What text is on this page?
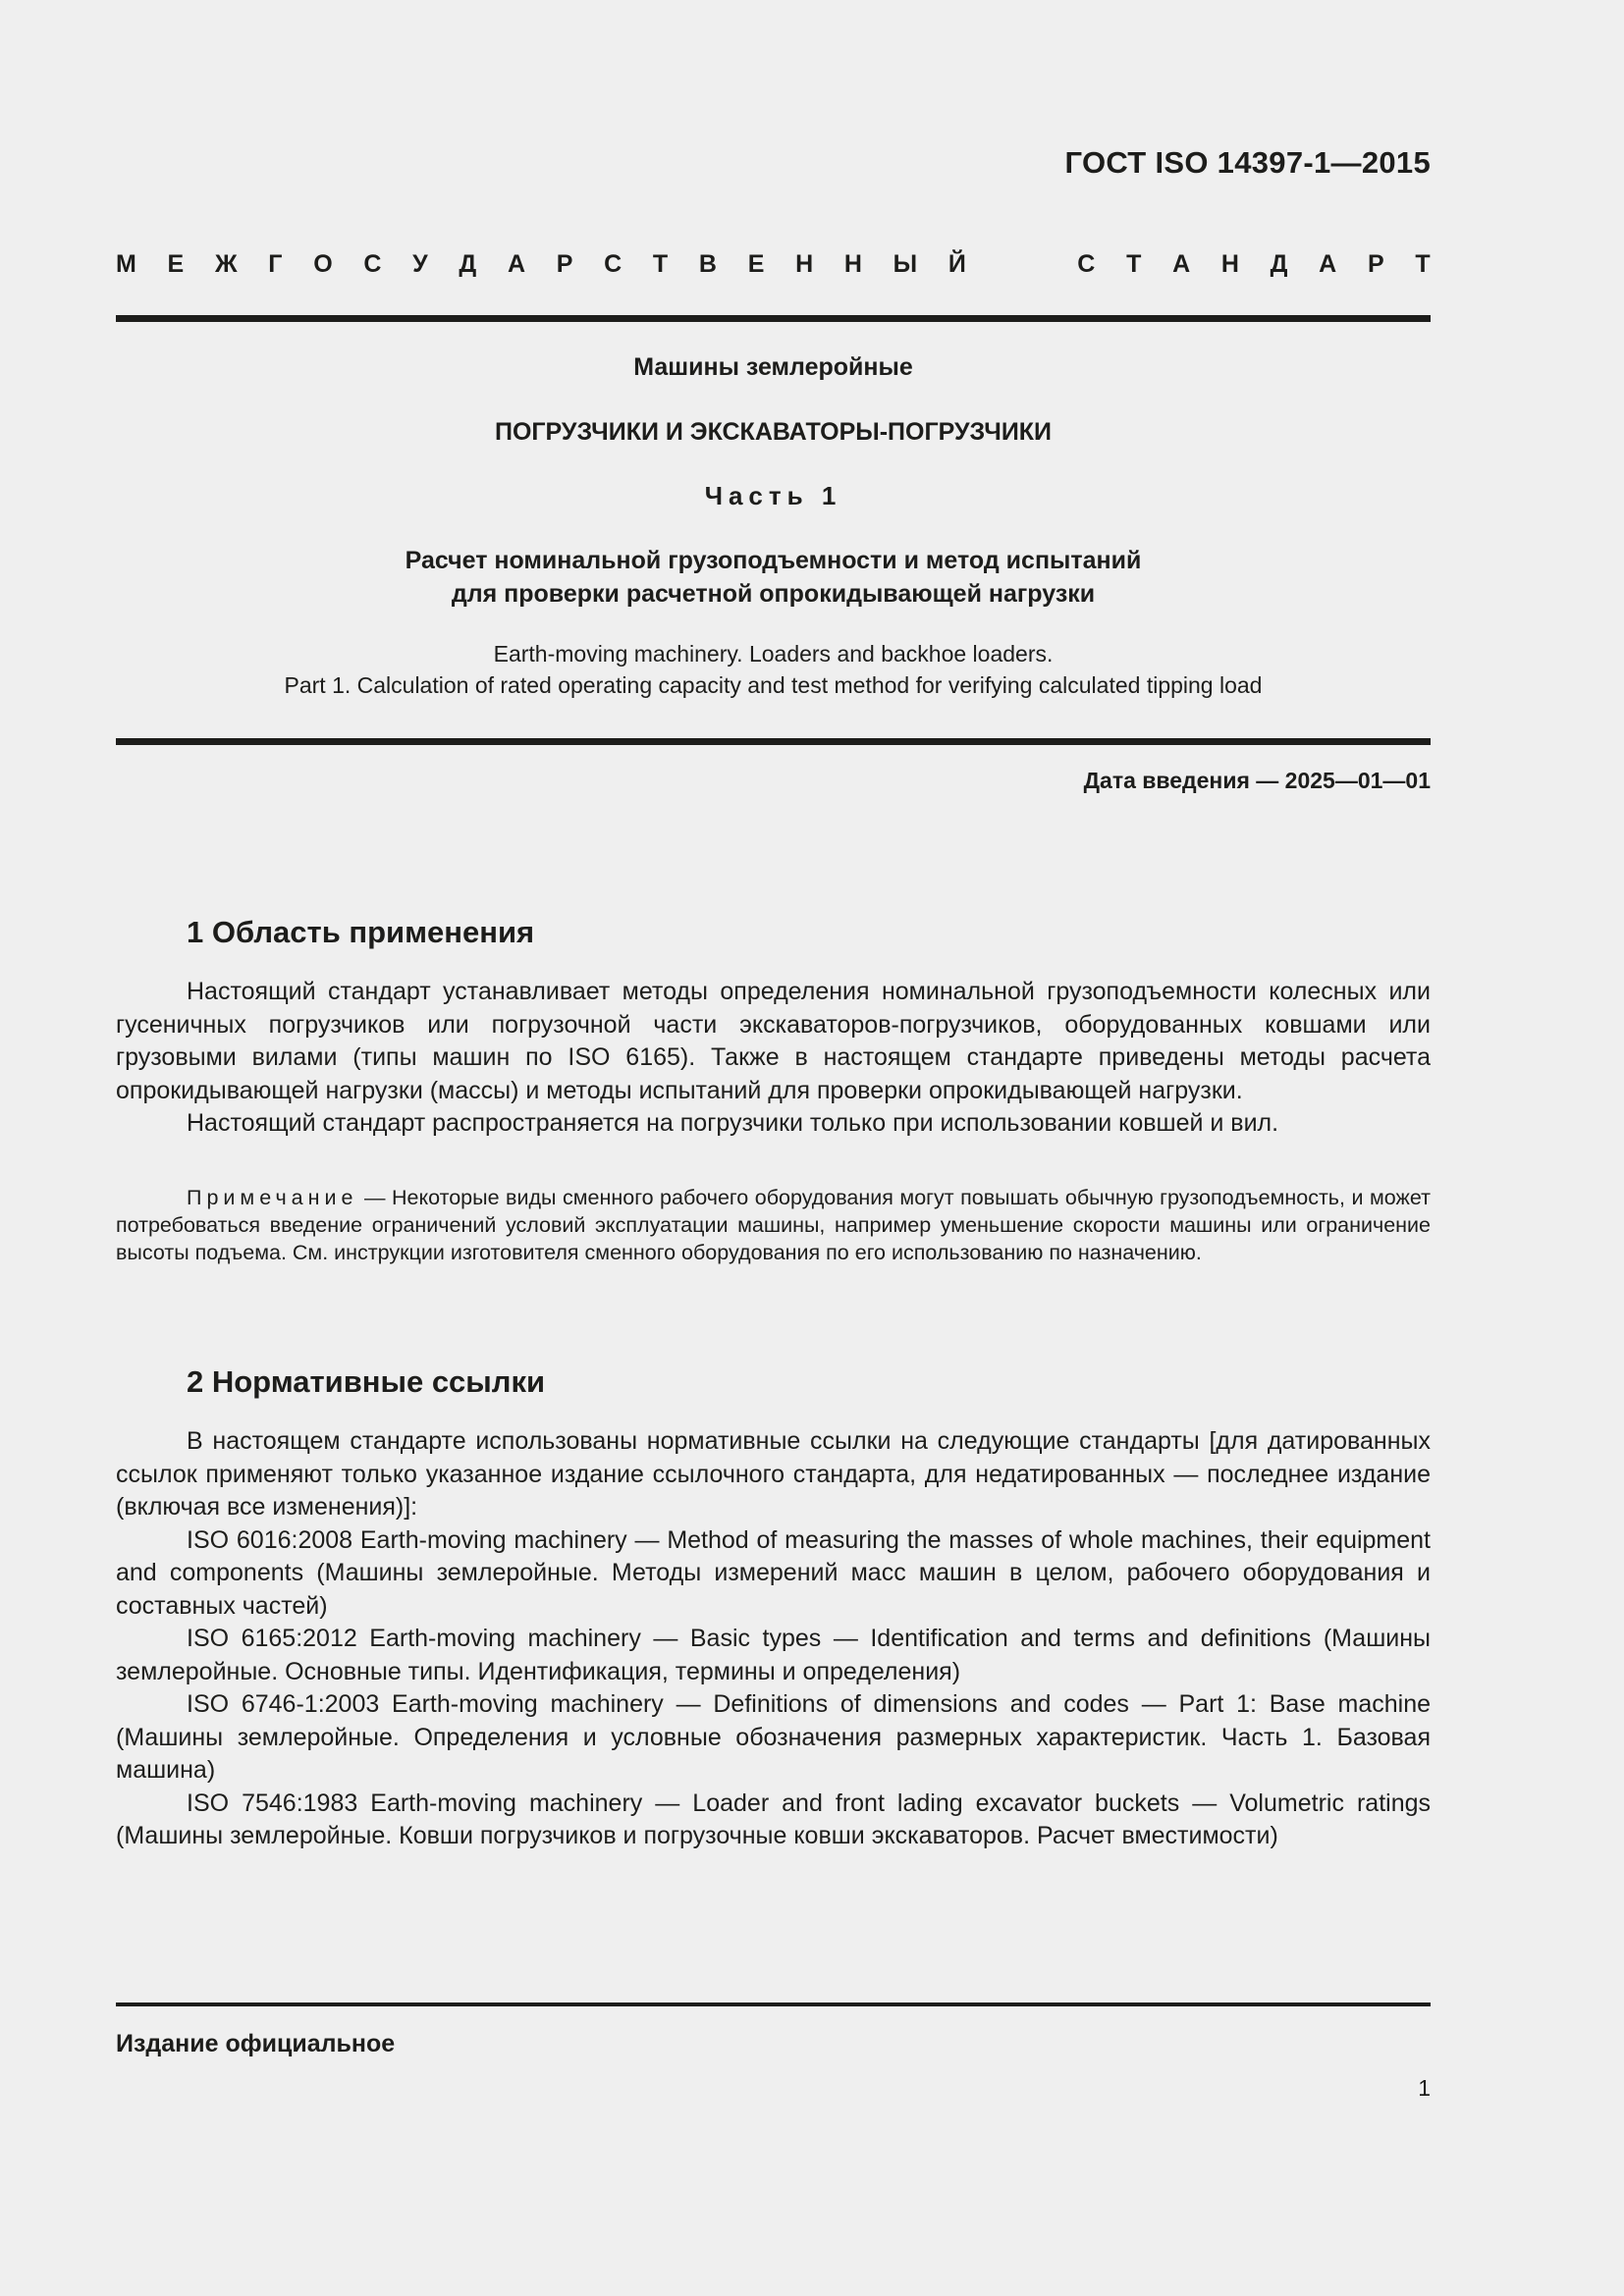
ГОСТ ISO 14397-1—2015
М Е Ж Г О С У Д А Р С Т В Е Н Н Ы Й	С Т А Н Д А Р Т
Машины землеройные
ПОГРУЗЧИКИ И ЭКСКАВАТОРЫ-ПОГРУЗЧИКИ
Часть 1
Расчет номинальной грузоподъемности и метод испытаний
для проверки расчетной опрокидывающей нагрузки
Earth-moving machinery. Loaders and backhoe loaders.
Part 1. Calculation of rated operating capacity and test method for verifying calculated tipping load
Дата введения — 2025—01—01
1 Область применения

Настоящий стандарт устанавливает методы определения номинальной грузоподъемности колесных или гусеничных погрузчиков или погрузочной части экскаваторов-погрузчиков, оборудованных ковшами или грузовыми вилами (типы машин по ISO 6165). Также в настоящем стандарте приведены методы расчета опрокидывающей нагрузки (массы) и методы испытаний для проверки опрокидывающей нагрузки.

Настоящий стандарт распространяется на погрузчики только при использовании ковшей и вил.

Примечание — Некоторые виды сменного рабочего оборудования могут повышать обычную грузоподъемность, и может потребоваться введение ограничений условий эксплуатации машины, например уменьшение скорости машины или ограничение высоты подъема. См. инструкции изготовителя сменного оборудования по его использованию по назначению.

2 Нормативные ссылки

В настоящем стандарте использованы нормативные ссылки на следующие стандарты [для датированных ссылок применяют только указанное издание ссылочного стандарта, для недатированных — последнее издание (включая все изменения)]:

ISO 6016:2008 Earth-moving machinery — Method of measuring the masses of whole machines, their equipment and components (Машины землеройные. Методы измерений масс машин в целом, рабочего оборудования и составных частей)

ISO 6165:2012 Earth-moving machinery — Basic types — Identification and terms and definitions (Машины землеройные. Основные типы. Идентификация, термины и определения)

ISO 6746-1:2003 Earth-moving machinery — Definitions of dimensions and codes — Part 1: Base machine (Машины землеройные. Определения и условные обозначения размерных характеристик. Часть 1. Базовая машина)

ISO 7546:1983 Earth-moving machinery — Loader and front lading excavator buckets — Volumetric ratings (Машины землеройные. Ковши погрузчиков и погрузочные ковши экскаваторов. Расчет вместимости)

Издание официальное
1
